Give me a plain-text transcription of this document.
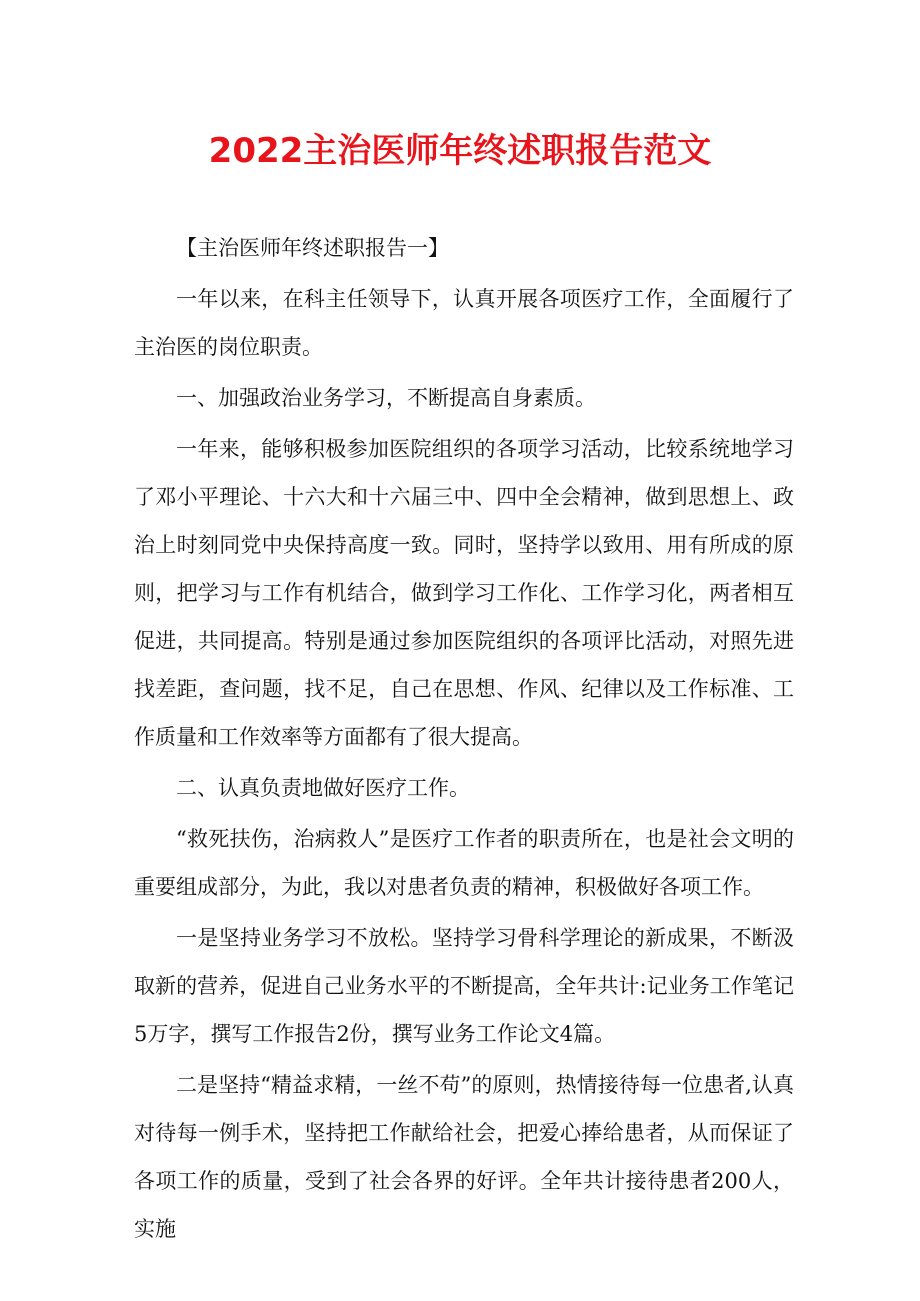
2022主治医师年终述职报告范文

【主治医师年终述职报告一】

一年以来，在科主任领导下，认真开展各项医疗工作，全面履行了主治医的岗位职责。

一、加强政治业务学习，不断提高自身素质。

一年来，能够积极参加医院组织的各项学习活动，比较系统地学习了邓小平理论、十六大和十六届三中、四中全会精神，做到思想上、政治上时刻同党中央保持高度一致。同时，坚持学以致用、用有所成的原则，把学习与工作有机结合，做到学习工作化、工作学习化，两者相互促进，共同提高。特别是通过参加医院组织的各项评比活动，对照先进找差距，查问题，找不足，自己在思想、作风、纪律以及工作标准、工作质量和工作效率等方面都有了很大提高。

二、认真负责地做好医疗工作。

“救死扶伤，治病救人”是医疗工作者的职责所在，也是社会文明的重要组成部分，为此，我以对患者负责的精神，积极做好各项工作。

一是坚持业务学习不放松。坚持学习骨科学理论的新成果，不断汲取新的营养，促进自己业务水平的不断提高，全年共计:记业务工作笔记5万字，撰写工作报告2份，撰写业务工作论文4篇。

二是坚持“精益求精，一丝不苟”的原则，热情接待每一位患者,认真对待每一例手术，坚持把工作献给社会，把爱心捧给患者，从而保证了各项工作的质量，受到了社会各界的好评。全年共计接待患者200人，实施
